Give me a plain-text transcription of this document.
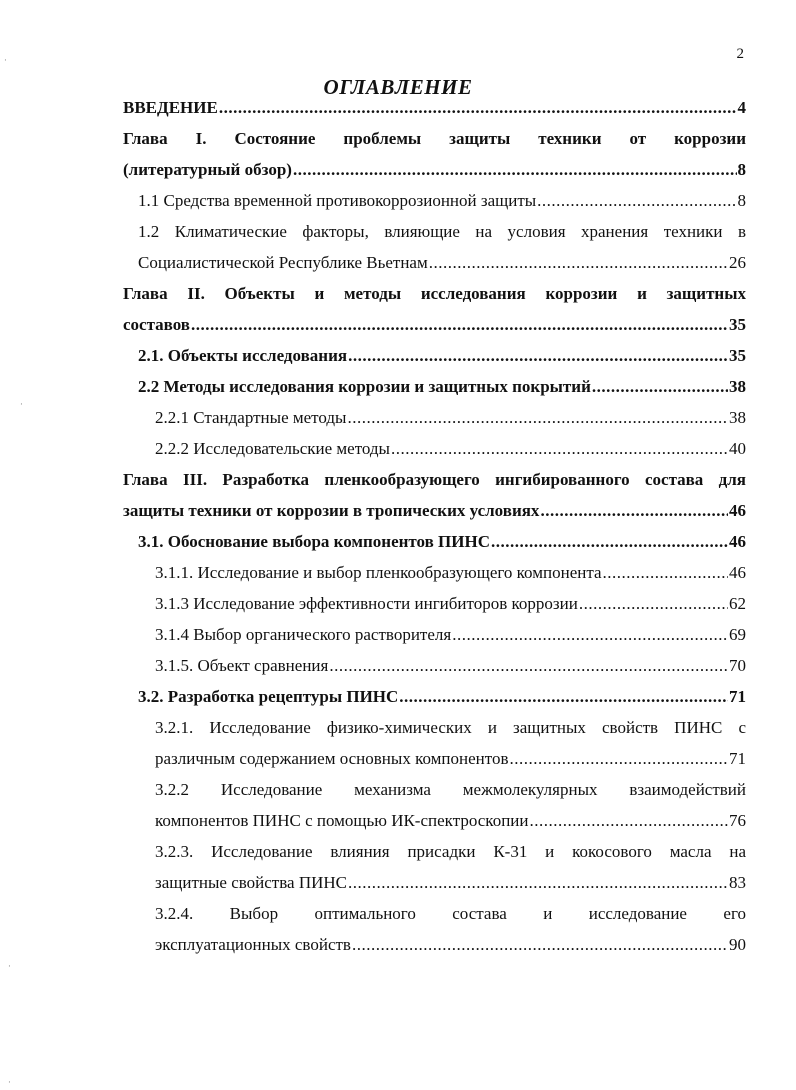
2
ОГЛАВЛЕНИЕ
ВВЕДЕНИЕ .....	4
Глава I. Состояние проблемы защиты техники от коррозии
(литературный обзор) .....	8
1.1 Средства временной противокоррозионной защиты .....	8
1.2 Климатические факторы, влияющие на условия хранения техники в
Социалистической Республике Вьетнам .....	26
Глава II. Объекты и методы исследования коррозии и защитных
составов .....	35
2.1. Объекты исследования .....	35
2.2 Методы исследования коррозии и защитных покрытий .....	38
2.2.1 Стандартные методы .....	38
2.2.2 Исследовательские методы .....	40
Глава III. Разработка пленкообразующего ингибированного состава для
защиты техники от коррозии в тропических условиях .....	46
3.1. Обоснование выбора компонентов ПИНС .....	46
3.1.1. Исследование и выбор пленкообразующего компонента .....	46
3.1.3 Исследование эффективности ингибиторов коррозии .....	62
3.1.4 Выбор органического растворителя .....	69
3.1.5. Объект сравнения .....	70
3.2. Разработка рецептуры ПИНС .....	71
3.2.1. Исследование физико-химических и защитных свойств ПИНС с
различным содержанием основных компонентов .....	71
3.2.2 Исследование механизма межмолекулярных взаимодействий
компонентов ПИНС с помощью ИК-спектроскопии .....	76
3.2.3. Исследование влияния присадки К-31 и кокосового масла на
защитные свойства ПИНС .....	83
3.2.4. Выбор оптимального состава и исследование его
эксплуатационных свойств .....	90
·
·
·
·
